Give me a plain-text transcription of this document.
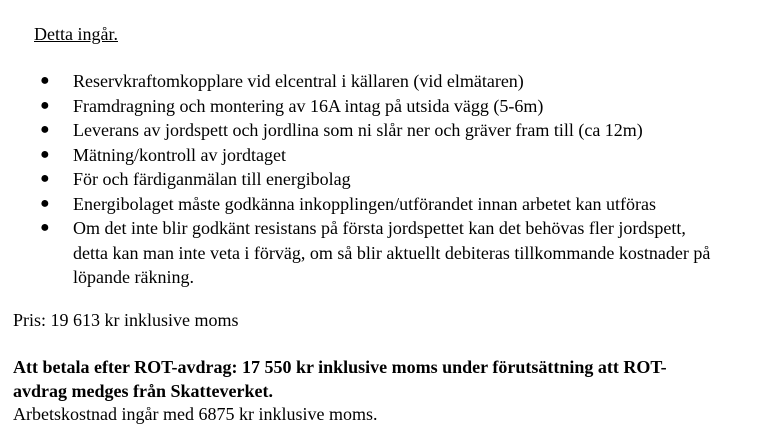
Detta ingår.

● Reservkraftomkopplare vid elcentral i källaren (vid elmätaren)
● Framdragning och montering av 16A intag på utsida vägg (5-6m)
● Leverans av jordspett och jordlina som ni slår ner och gräver fram till (ca 12m)
● Mätning/kontroll av jordtaget
● För och färdiganmälan till energibolag
● Energibolaget måste godkänna inkopplingen/utförandet innan arbetet kan utföras
● Om det inte blir godkänt resistans på första jordspettet kan det behövas fler jordspett,
detta kan man inte veta i förväg, om så blir aktuellt debiteras tillkommande kostnader på
löpande räkning.

Pris: 19 613 kr inklusive moms

Att betala efter ROT-avdrag: 17 550 kr inklusive moms under förutsättning att ROT-
avdrag medges från Skatteverket.

Arbetskostnad ingår med 6875 kr inklusive moms.
